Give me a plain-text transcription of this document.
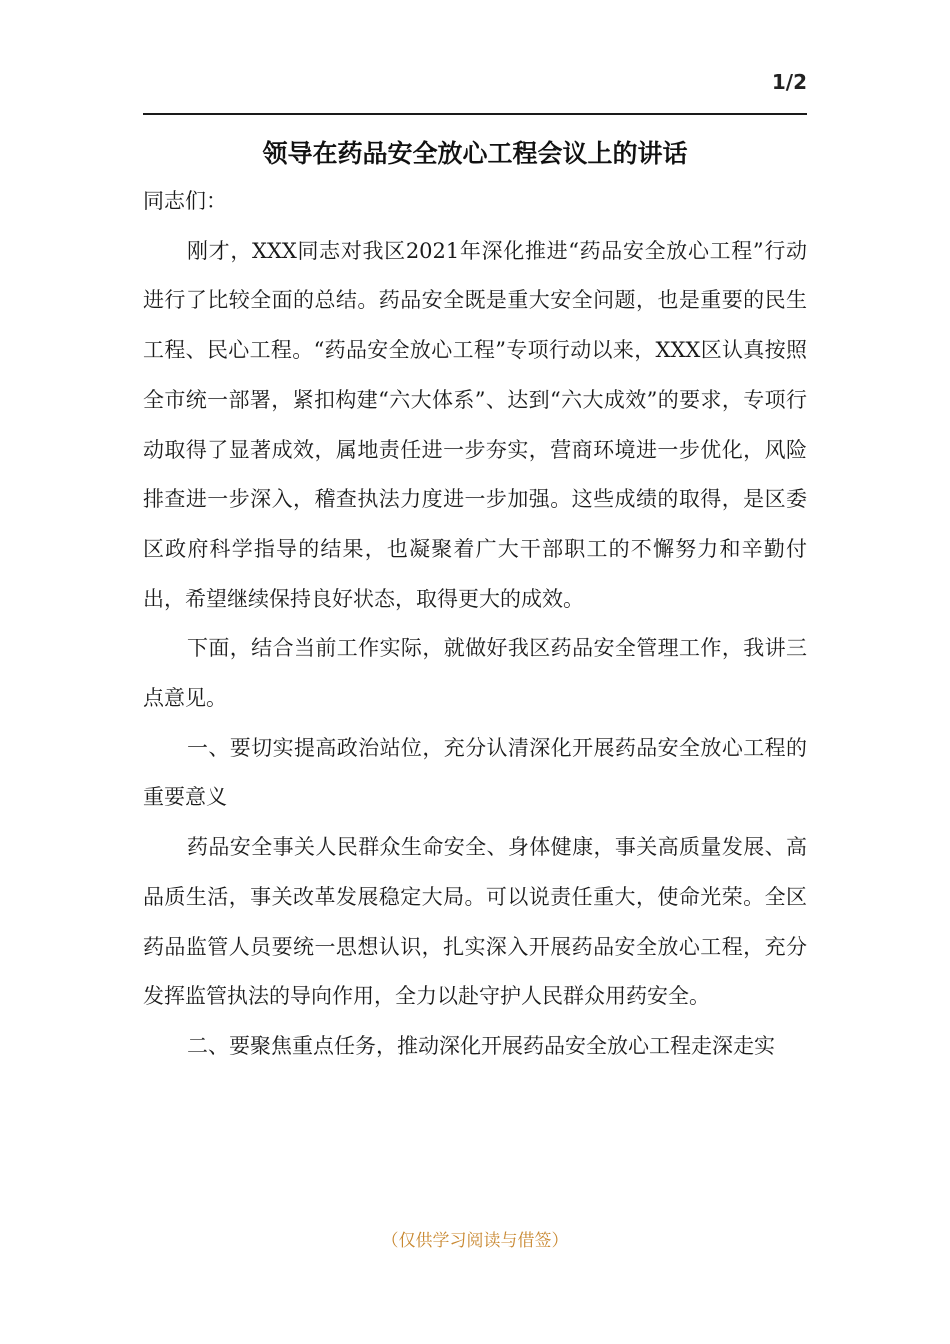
1/2
领导在药品安全放心工程会议上的讲话

同志们：

刚才，XXX同志对我区2021年深化推进“药品安全放心工程”行动进行了比较全面的总结。药品安全既是重大安全问题，也是重要的民生工程、民心工程。“药品安全放心工程”专项行动以来，XXX区认真按照全市统一部署，紧扣构建“六大体系”、达到“六大成效”的要求，专项行动取得了显著成效，属地责任进一步夯实，营商环境进一步优化，风险排查进一步深入，稽查执法力度进一步加强。这些成绩的取得，是区委区政府科学指导的结果，也凝聚着广大干部职工的不懈努力和辛勤付出，希望继续保持良好状态，取得更大的成效。

下面，结合当前工作实际，就做好我区药品安全管理工作，我讲三点意见。

一、要切实提高政治站位，充分认清深化开展药品安全放心工程的重要意义

药品安全事关人民群众生命安全、身体健康，事关高质量发展、高品质生活，事关改革发展稳定大局。可以说责任重大，使命光荣。全区药品监管人员要统一思想认识，扎实深入开展药品安全放心工程，充分发挥监管执法的导向作用，全力以赴守护人民群众用药安全。

二、要聚焦重点任务，推动深化开展药品安全放心工程走深走实

（仅供学习阅读与借签）
